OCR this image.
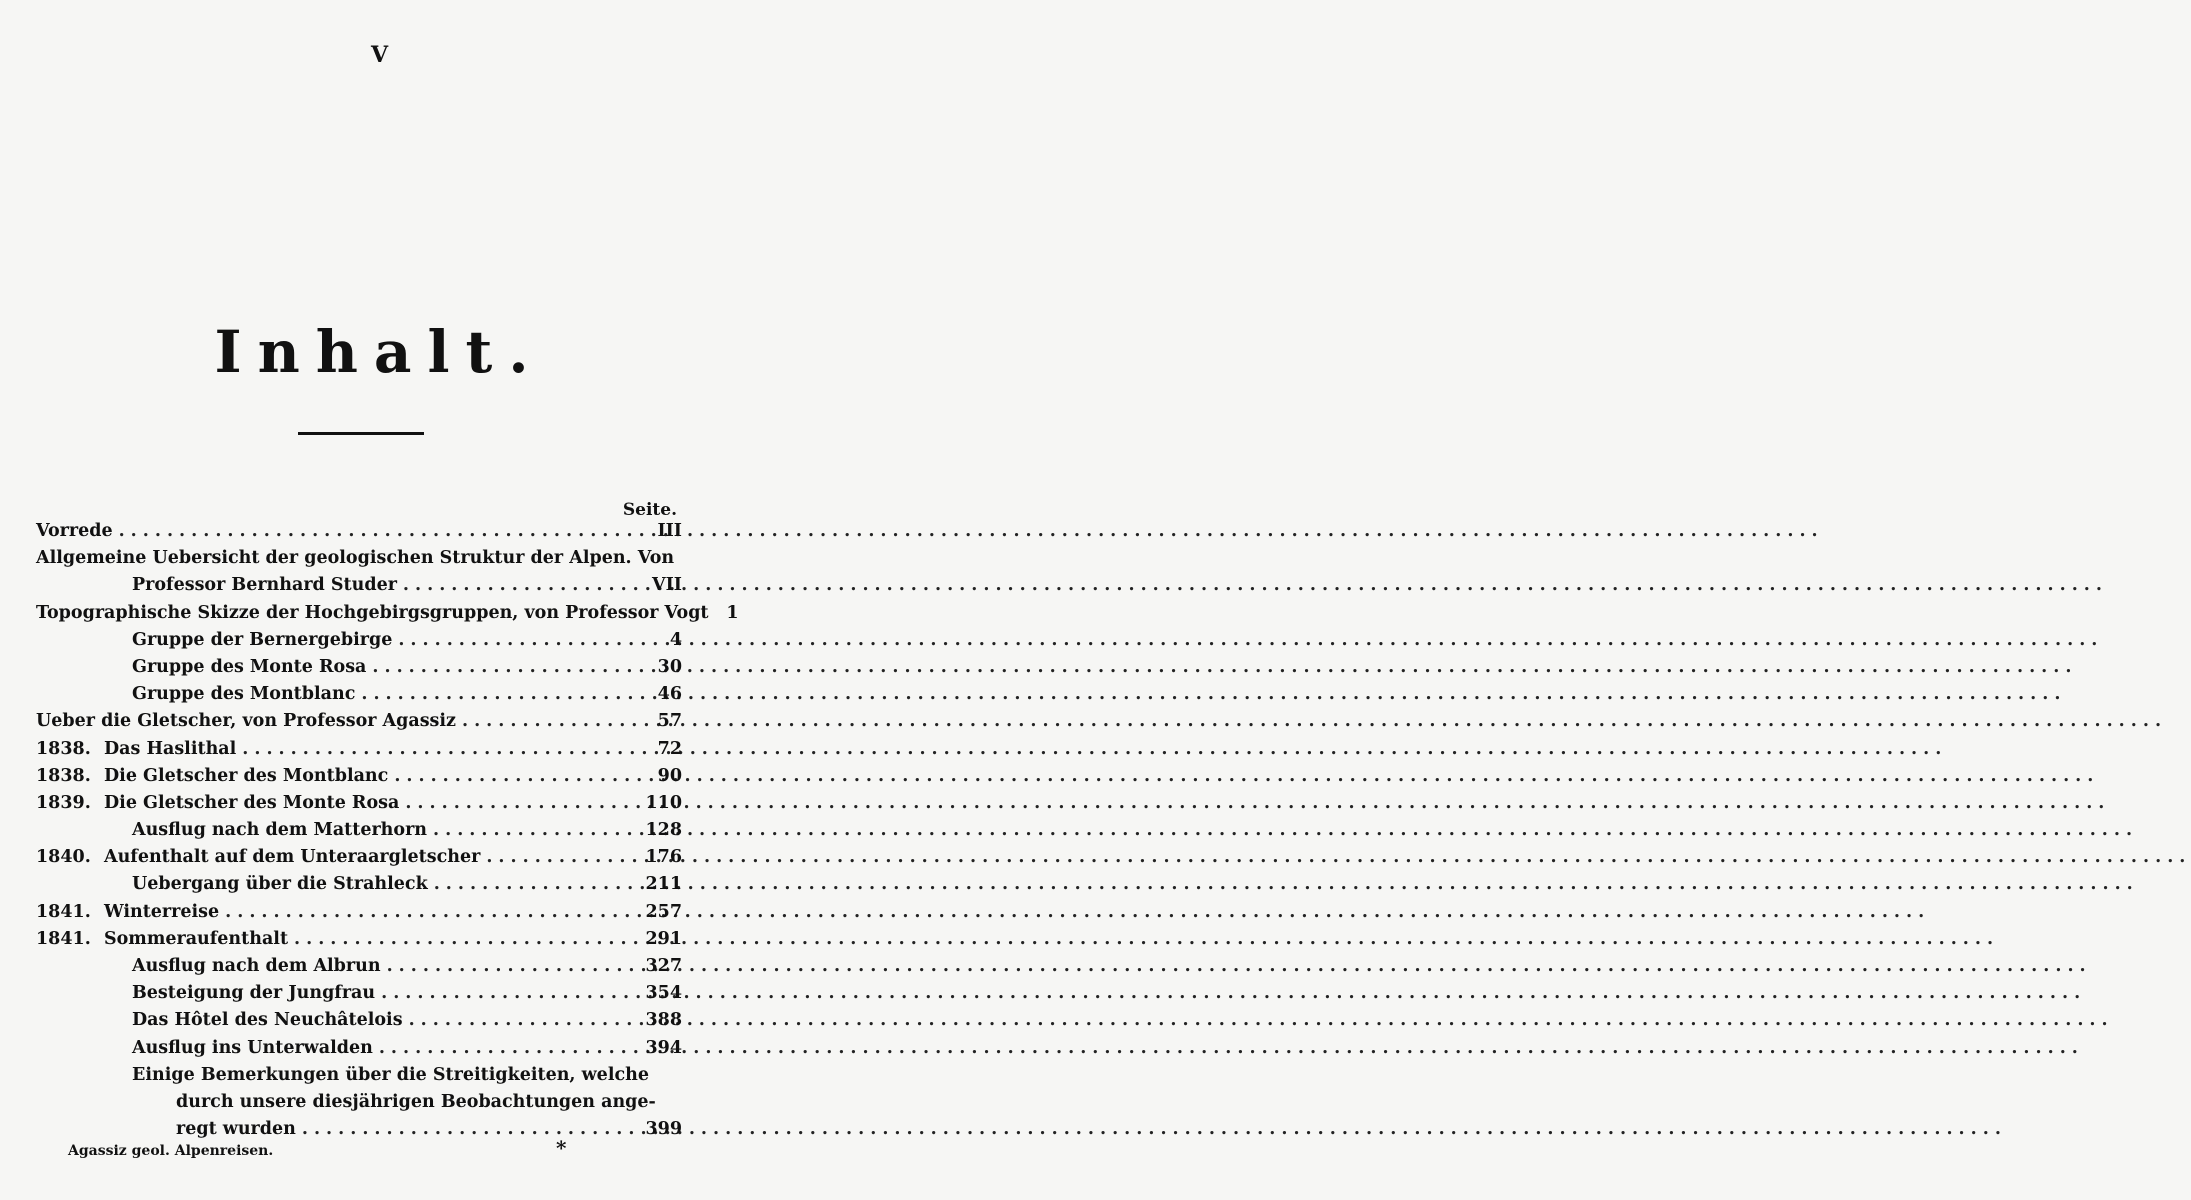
V
Inhalt.
Seite.
Vorrede .....	III
Allgemeine Uebersicht der geologischen Struktur der Alpen. Von
Professor Bernhard Studer .....	VII
Topographische Skizze der Hochgebirgsgruppen, von Professor Vogt	1
Gruppe der Bernergebirge .....	4
Gruppe des Monte Rosa .....	30
Gruppe des Montblanc .....	46
Ueber die Gletscher, von Professor Agassiz .....	57
1838. Das Haslithal .....	72
1838. Die Gletscher des Montblanc .....	90
1839. Die Gletscher des Monte Rosa .....	110
Ausflug nach dem Matterhorn .....	128
1840. Aufenthalt auf dem Unteraargletscher .....	176
Uebergang über die Strahleck .....	211
1841. Winterreise .....	257
1841. Sommeraufenthalt .....	291
Ausflug nach dem Albrun .....	327
Besteigung der Jungfrau .....	354
Das Hôtel des Neuchâtelois .....	388
Ausflug ins Unterwalden .....	394
Einige Bemerkungen über die Streitigkeiten, welche
durch unsere diesjährigen Beobachtungen ange-
regt wurden .....	399
Agassiz geol. Alpenreisen.	*
